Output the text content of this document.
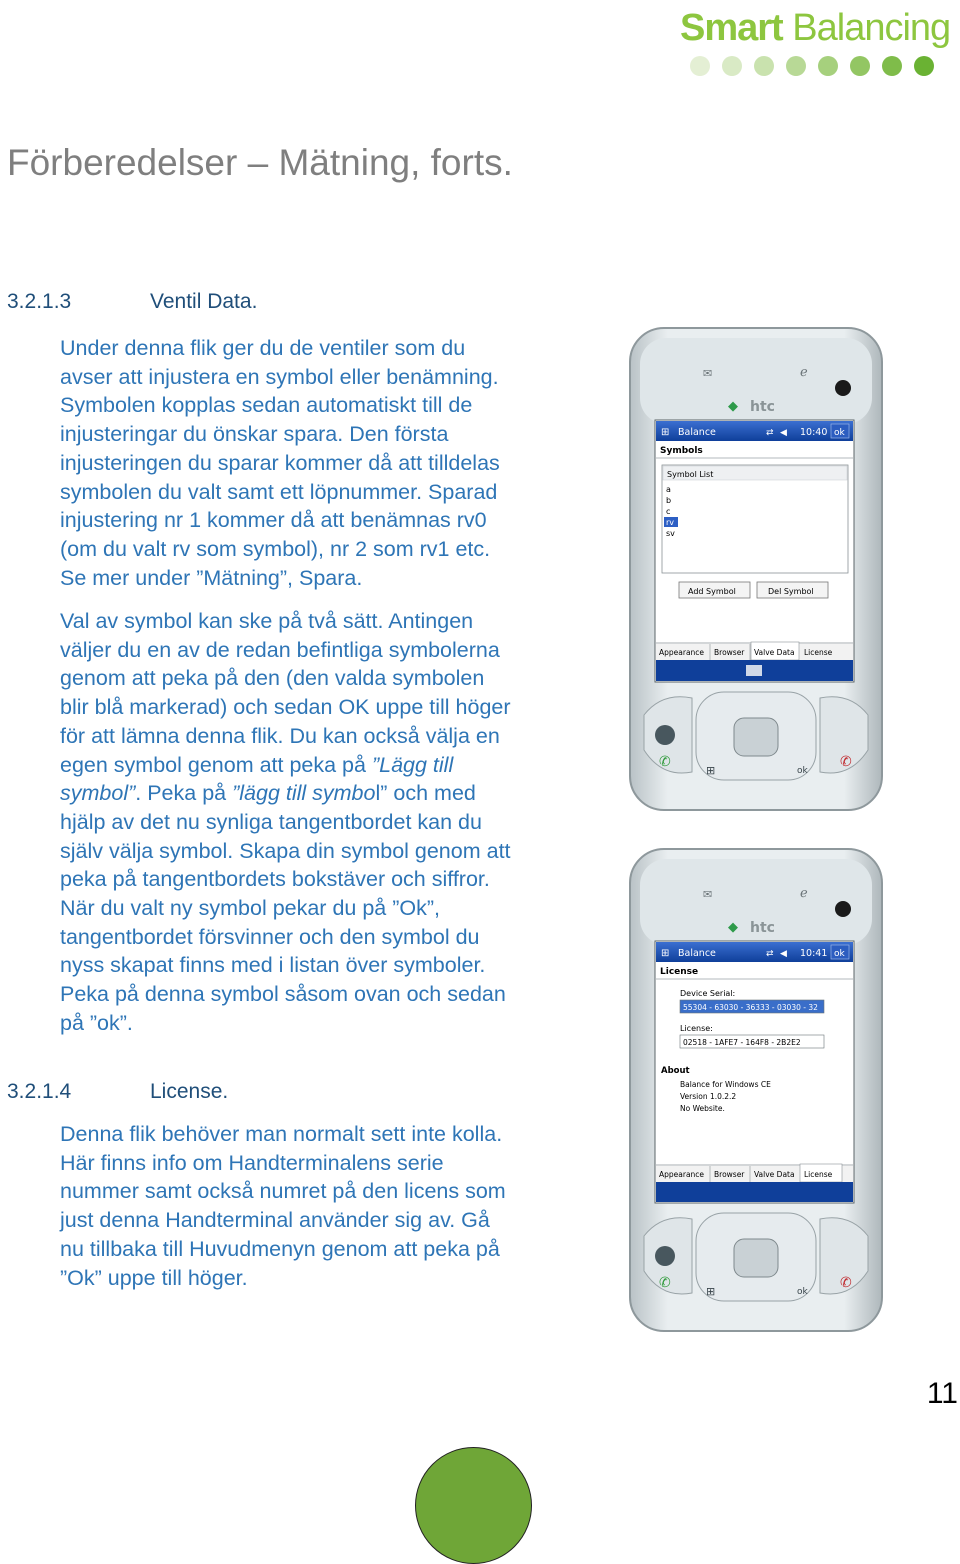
Smart Balancing
Förberedelser – Mätning, forts.
3.2.1.3	Ventil Data.
Under denna flik ger du de ventiler som du
avser att injustera en symbol eller benämning.
Symbolen kopplas sedan automatiskt till de
injusteringar du önskar spara. Den första
injusteringen du sparar kommer då att tilldelas
symbolen du valt samt ett löpnummer. Sparad
injustering nr 1 kommer då att benämnas rv0
(om du valt rv som symbol), nr 2 som rv1 etc.
Se mer under ”Mätning”, Spara.
Val av symbol kan ske på två sätt. Antingen
väljer du en av de redan befintliga symbolerna
genom att peka på den (den valda symbolen
blir blå markerad) och sedan OK uppe till höger
för att lämna denna flik. Du kan också välja en
egen symbol genom att peka på ”Lägg till
symbol”. Peka på ”lägg till symbol” och med
hjälp av det nu synliga tangentbordet kan du
själv välja symbol. Skapa din symbol genom att
peka på tangentbordets bokstäver och siffror.
När du valt ny symbol pekar du på ”Ok”,
tangentbordet försvinner och den symbol du
nyss skapat finns med i listan över symboler.
Peka på denna symbol såsom ovan och sedan
på ”ok”.
3.2.1.4	License.
Denna flik behöver man normalt sett inte kolla.
Här finns info om Handterminalens serie
nummer samt också numret på den licens som
just denna Handterminal använder sig av. Gå
nu tillbaka till Huvudmenyn genom att peka på
”Ok” uppe till höger.
✉	ℯ
htc
◆
⊞ Balance	⇄ ◀ 10:40 ok
Symbols
Symbol List
a
b
c
rv
sv
Add Symbol	Del Symbol
Appearance Browser Valve Data License
✆	✆
⊞	ok
✉	ℯ
htc
◆
⊞ Balance	⇄ ◀ 10:41 ok
License
Device Serial:
55304 - 63030 - 36333 - 03030 - 32
License:
02518 - 1AFE7 - 164F8 - 2B2E2
About
Balance for Windows CE
Version 1.0.2.2
No Website.
Appearance Browser Valve Data License
✆	✆
⊞	ok
11
